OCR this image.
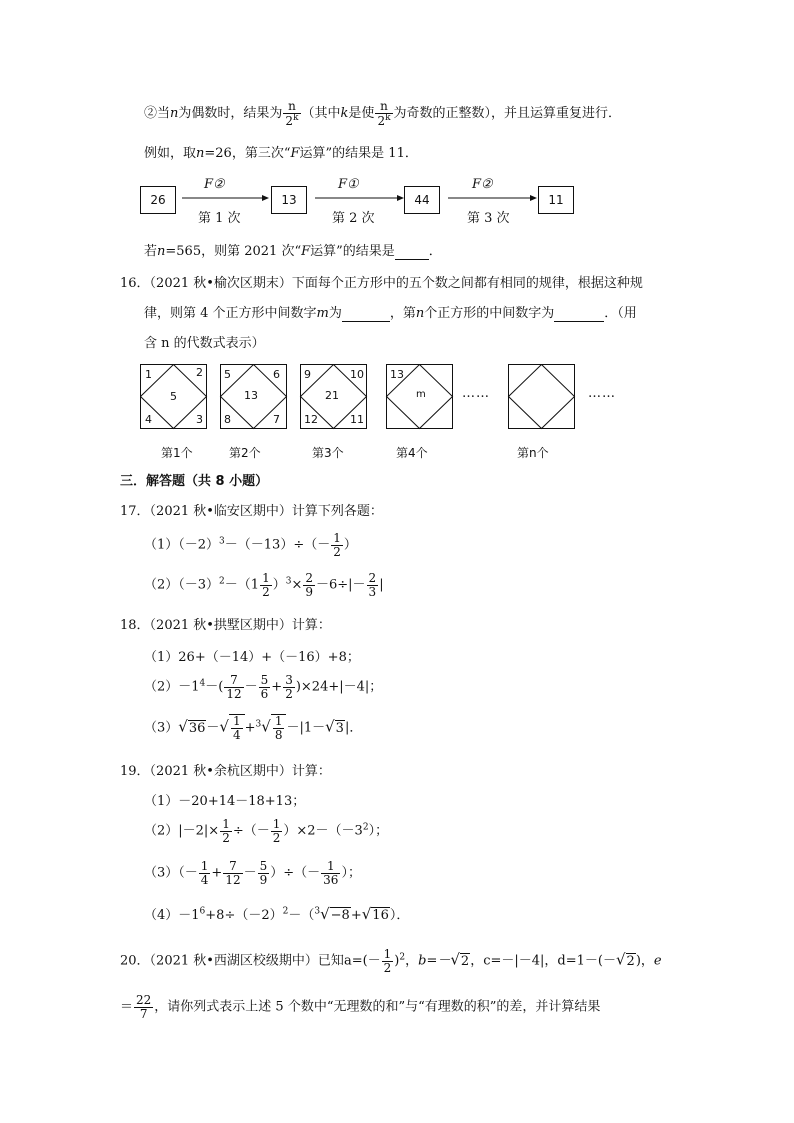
②当n为偶数时，结果为 $\frac{n}{2^k}$ （其中k是使 $\frac{n}{2^k}$ 为奇数的正整数），并且运算重复进行．
例如，取n=26，第三次“F运算”的结果是 11．
26	13	44	11
F②	F①	F②
第 1 次	第 2 次	第 3 次
若n=565，则第 2021 次“F运算”的结果是	．
16．（2021 秋•榆次区期末）下面每个正方形中的五个数之间都有相同的规律，根据这种规
律，则第 4 个正方形中间数字m为	，第n个正方形的中间数字为	．（用
含 n 的代数式表示）
1	2
5
4	3
5	6
13
8	7
9	10
21
12	11
13
m	……	……
第1个	第2个	第3个	第4个	第n个
三．解答题（共 8 小题）
17．（2021 秋•临安区期中）计算下列各题：
$(1)(-2)^3-(-13)\div(- \frac{1}{2}$ ）
$(2)(-3)^2-(1 \frac{1}{2} )^3\times \frac{2}{9} -6\div|- \frac{2}{3}$ |
18．（2021 秋•拱墅区期中）计算：
（1）26+（－14）+（－16）+8；
$(2)-1^4-( \frac{7}{12} - \frac{5}{6} + \frac{3}{2} )\times 24+|-4|$；
$(3)√36-√ \frac{1}{4} +^3√ \frac{1}{8} -|1-√3|$．
19．（2021 秋•余杭区期中）计算：
（1）－20+14－18+13；
$(2)|-2|\times \frac{1}{2}$ ÷（－ $\frac{1}{2} )\times 2-(-3^2)$；
$(3)(- \frac{1}{4} + \frac{7}{12} - \frac{5}{9}$ ）÷（－ $\frac{1}{36}$ ）；
$(4)-1^6+8\div(-2)^2-(^3√-8+√16)$．
20．（2021 秋•西湖区校级期中）已知$a=(- \frac{1}{2} )^2$，b=－√2，c=－|－4|，d=1－(－√2)，e
＝ $\frac{22}{7}$ ，请你列式表示上述 5 个数中“无理数的和”与“有理数的积”的差，并计算结果
